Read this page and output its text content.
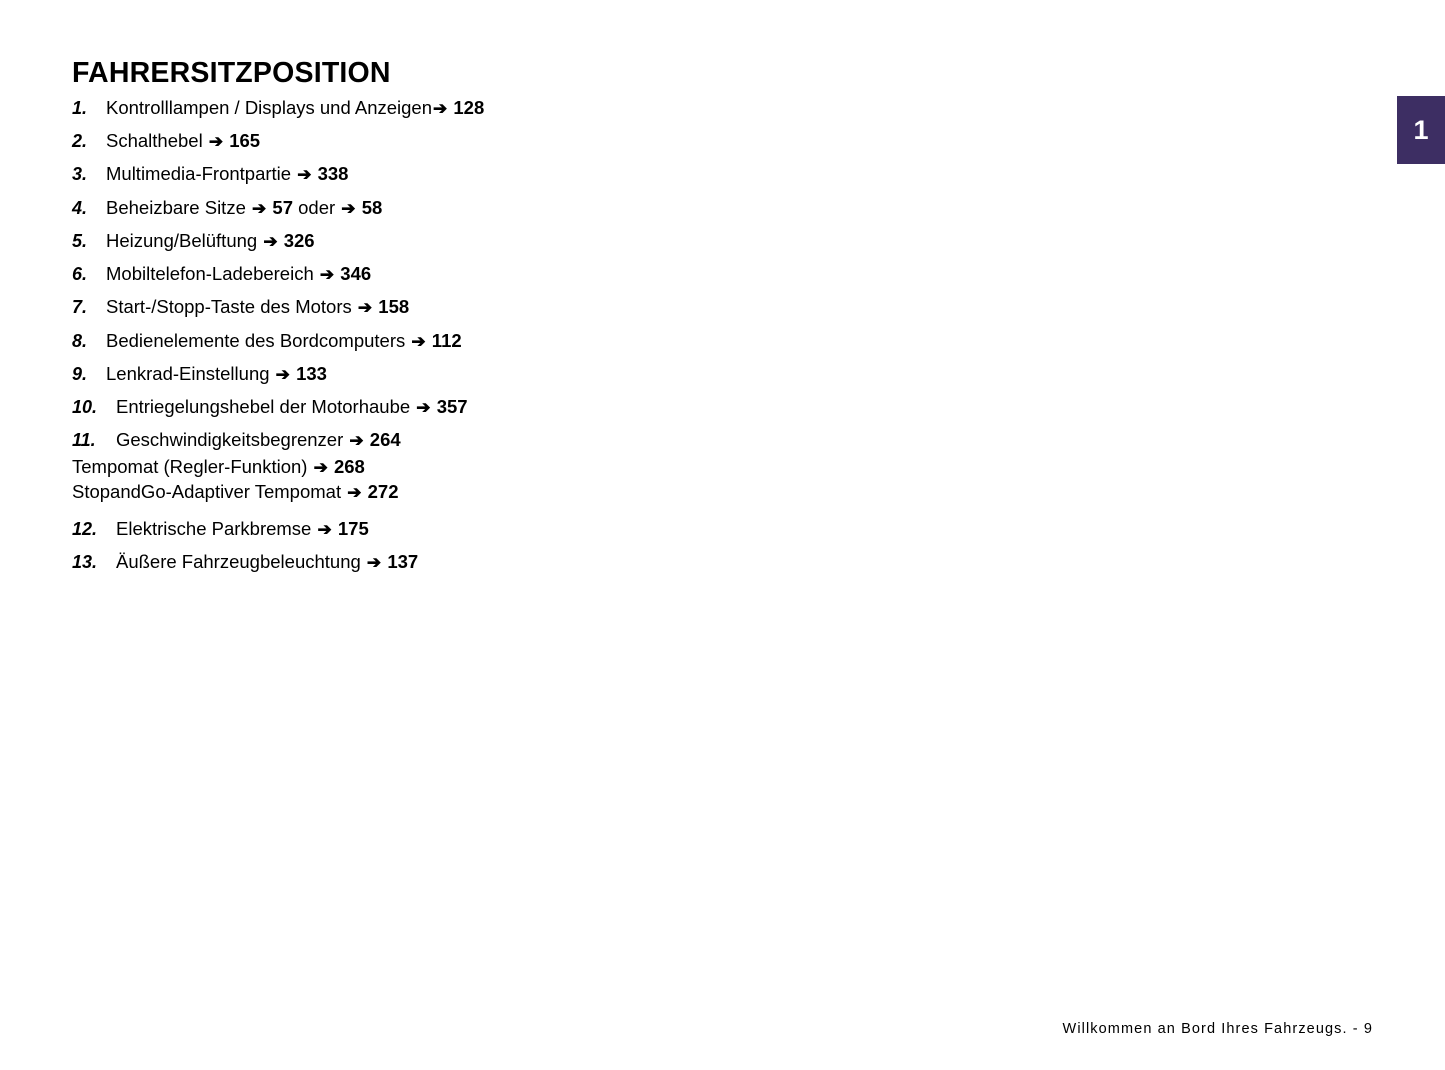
1
FAHRERSITZPOSITION
1. Kontrolllampen / Displays und Anzeigen➔ 128
2. Schalthebel ➔ 165
3. Multimedia-Frontpartie ➔ 338
4. Beheizbare Sitze ➔ 57 oder ➔ 58
5. Heizung/Belüftung ➔ 326
6. Mobiltelefon-Ladebereich ➔ 346
7. Start-/Stopp-Taste des Motors ➔ 158
8. Bedienelemente des Bordcomputers ➔ 112
9. Lenkrad-Einstellung ➔ 133
10. Entriegelungshebel der Motorhaube ➔ 357
11. Geschwindigkeitsbegrenzer ➔ 264
Tempomat (Regler-Funktion) ➔ 268
StopandGo-Adaptiver Tempomat ➔ 272
12. Elektrische Parkbremse ➔ 175
13. Äußere Fahrzeugbeleuchtung ➔ 137
Willkommen an Bord Ihres Fahrzeugs. - 9
